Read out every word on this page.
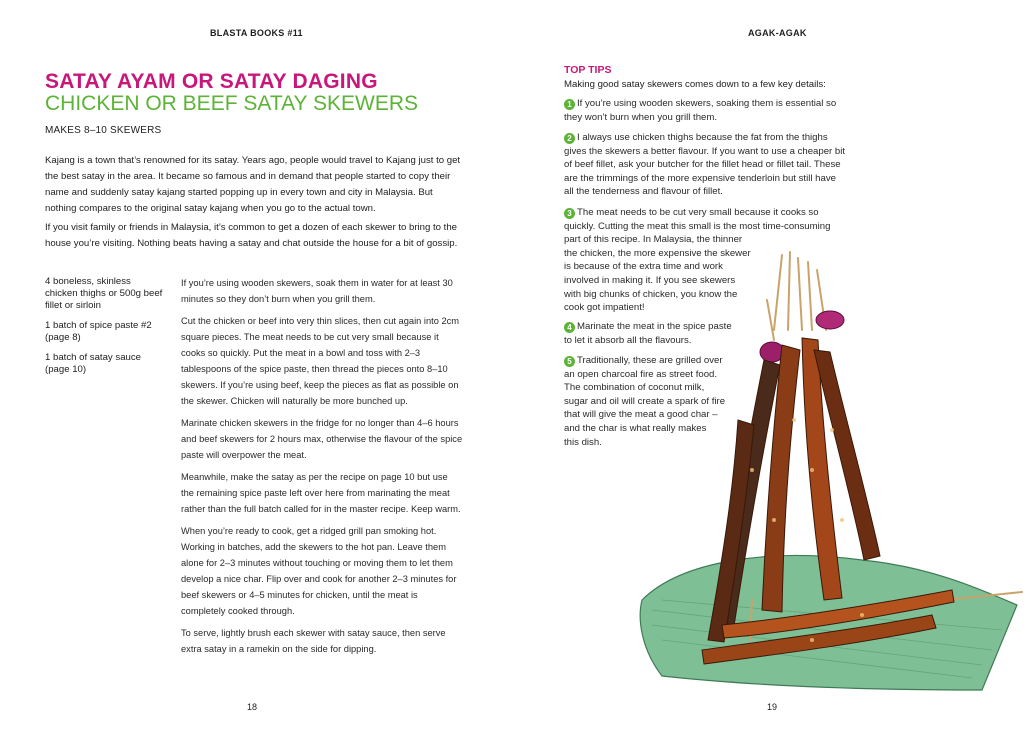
BLASTA BOOKS #11
SATAY AYAM OR SATAY DAGING
CHICKEN OR BEEF SATAY SKEWERS
MAKES 8–10 SKEWERS

Kajang is a town that’s renowned for its satay. Years ago, people would travel to Kajang just to get the best satay in the area. It became so famous and in demand that people started to copy their name and suddenly satay kajang started popping up in every town and city in Malaysia. But nothing compares to the original satay kajang when you go to the actual town.

If you visit family or friends in Malaysia, it’s common to get a dozen of each skewer to bring to the house you’re visiting. Nothing beats having a satay and chat outside the house for a bit of gossip.

4 boneless, skinless chicken thighs or 500g beef fillet or sirloin
1 batch of spice paste #2 (page 8)
1 batch of satay sauce (page 10)

If you’re using wooden skewers, soak them in water for at least 30 minutes so they don’t burn when you grill them.

Cut the chicken or beef into very thin slices, then cut again into 2cm square pieces. The meat needs to be cut very small because it cooks so quickly. Put the meat in a bowl and toss with 2–3 tablespoons of the spice paste, then thread the pieces onto 8–10 skewers. If you’re using beef, keep the pieces as flat as possible on the skewer. Chicken will naturally be more bunched up.

Marinate chicken skewers in the fridge for no longer than 4–6 hours and beef skewers for 2 hours max, otherwise the flavour of the spice paste will overpower the meat.

Meanwhile, make the satay as per the recipe on page 10 but use the remaining spice paste left over here from marinating the meat rather than the full batch called for in the master recipe. Keep warm.

When you’re ready to cook, get a ridged grill pan smoking hot. Working in batches, add the skewers to the hot pan. Leave them alone for 2–3 minutes without touching or moving them to let them develop a nice char. Flip over and cook for another 2–3 minutes for beef skewers or 4–5 minutes for chicken, until the meat is completely cooked through.

To serve, lightly brush each skewer with satay sauce, then serve extra satay in a ramekin on the side for dipping.

18
AGAK-AGAK
TOP TIPS
Making good satay skewers comes down to a few key details:
1 If you’re using wooden skewers, soaking them is essential so
they won’t burn when you grill them.
2 I always use chicken thighs because the fat from the thighs
gives the skewers a better flavour. If you want to use a cheaper bit
of beef fillet, ask your butcher for the fillet head or fillet tail. These
are the trimmings of the more expensive tenderloin but still have
all the tenderness and flavour of fillet.
3 The meat needs to be cut very small because it cooks so
quickly. Cutting the meat this small is the most time-consuming
part of this recipe. In Malaysia, the thinner
the chicken, the more expensive the skewer
is because of the extra time and work
involved in making it. If you see skewers
with big chunks of chicken, you know the
cook got impatient!
4 Marinate the meat in the spice paste
to let it absorb all the flavours.
5 Traditionally, these are grilled over
an open charcoal fire as street food.
The combination of coconut milk,
sugar and oil will create a spark of fire
that will give the meat a good char –
and the char is what really makes
this dish.
19
